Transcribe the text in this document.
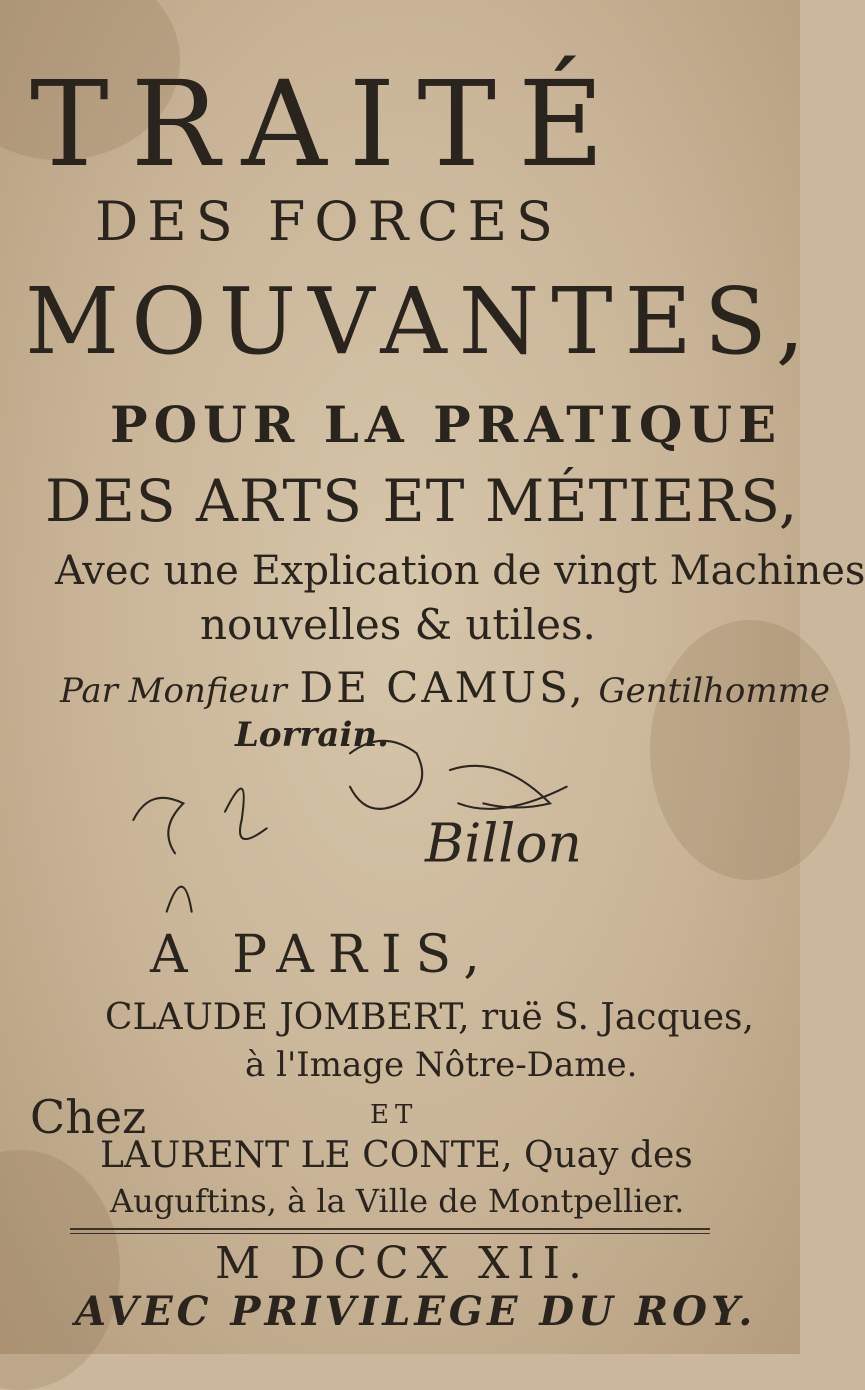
TRAITÉ
DES FORCES
MOUVANTES,
POUR LA PRATIQUE
DES ARTS ET MÉTIERS,
Avec une Explication de vingt Machines
nouvelles & utiles.
Par Monfieur DE CAMUS, Gentilhomme
Lorrain.
Billon
A PARIS,
CLAUDE JOMBERT, ruë S. Jacques,
à l'Image Nôtre-Dame.
Chez	ET
LAURENT LE CONTE, Quay des
Auguftins, à la Ville de Montpellier.
M DCCX XII.
AVEC PRIVILEGE DU ROY.
